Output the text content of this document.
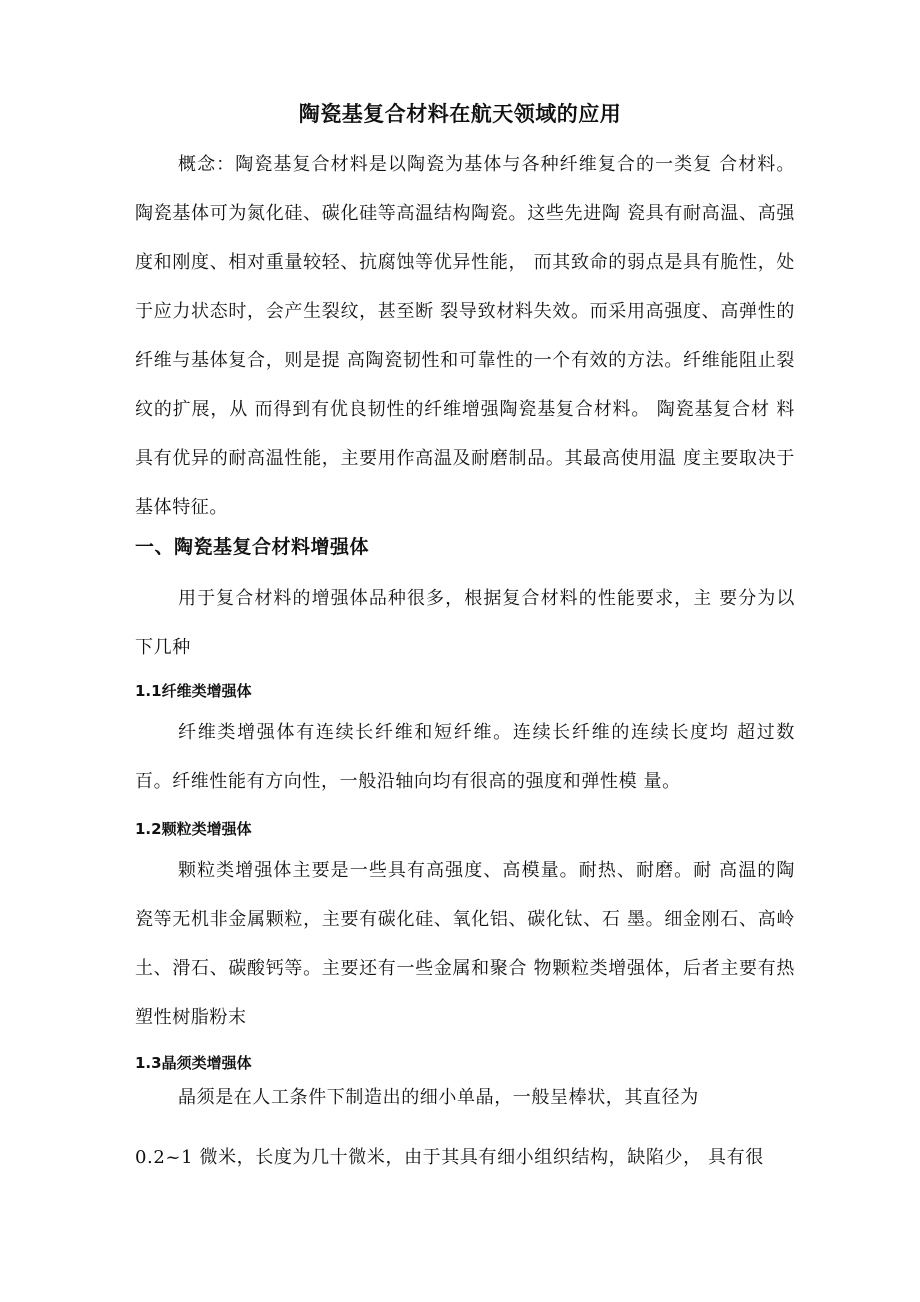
陶瓷基复合材料在航天领域的应用

概念：陶瓷基复合材料是以陶瓷为基体与各种纤维复合的一类复 合材料。陶瓷基体可为氮化硅、碳化硅等高温结构陶瓷。这些先进陶 瓷具有耐高温、高强度和刚度、相对重量较轻、抗腐蚀等优异性能， 而其致命的弱点是具有脆性，处于应力状态时，会产生裂纹，甚至断 裂导致材料失效。而采用高强度、高弹性的纤维与基体复合，则是提 高陶瓷韧性和可靠性的一个有效的方法。纤维能阻止裂纹的扩展，从 而得到有优良韧性的纤维增强陶瓷基复合材料。 陶瓷基复合材 料具有优异的耐高温性能，主要用作高温及耐磨制品。其最高使用温 度主要取决于基体特征。

一、陶瓷基复合材料增强体

用于复合材料的增强体品种很多，根据复合材料的性能要求，主 要分为以下几种

1.1纤维类增强体

纤维类增强体有连续长纤维和短纤维。连续长纤维的连续长度均 超过数百。纤维性能有方向性，一般沿轴向均有很高的强度和弹性模 量。

1.2颗粒类增强体

颗粒类增强体主要是一些具有高强度、高模量。耐热、耐磨。耐 高温的陶瓷等无机非金属颗粒，主要有碳化硅、氧化铝、碳化钛、石 墨。细金刚石、高岭土、滑石、碳酸钙等。主要还有一些金属和聚合 物颗粒类增强体，后者主要有热塑性树脂粉末

1.3晶须类增强体
晶须是在人工条件下制造出的细小单晶，一般呈棒状，其直径为
0.2~1 微米，长度为几十微米，由于其具有细小组织结构，缺陷少， 具有很
